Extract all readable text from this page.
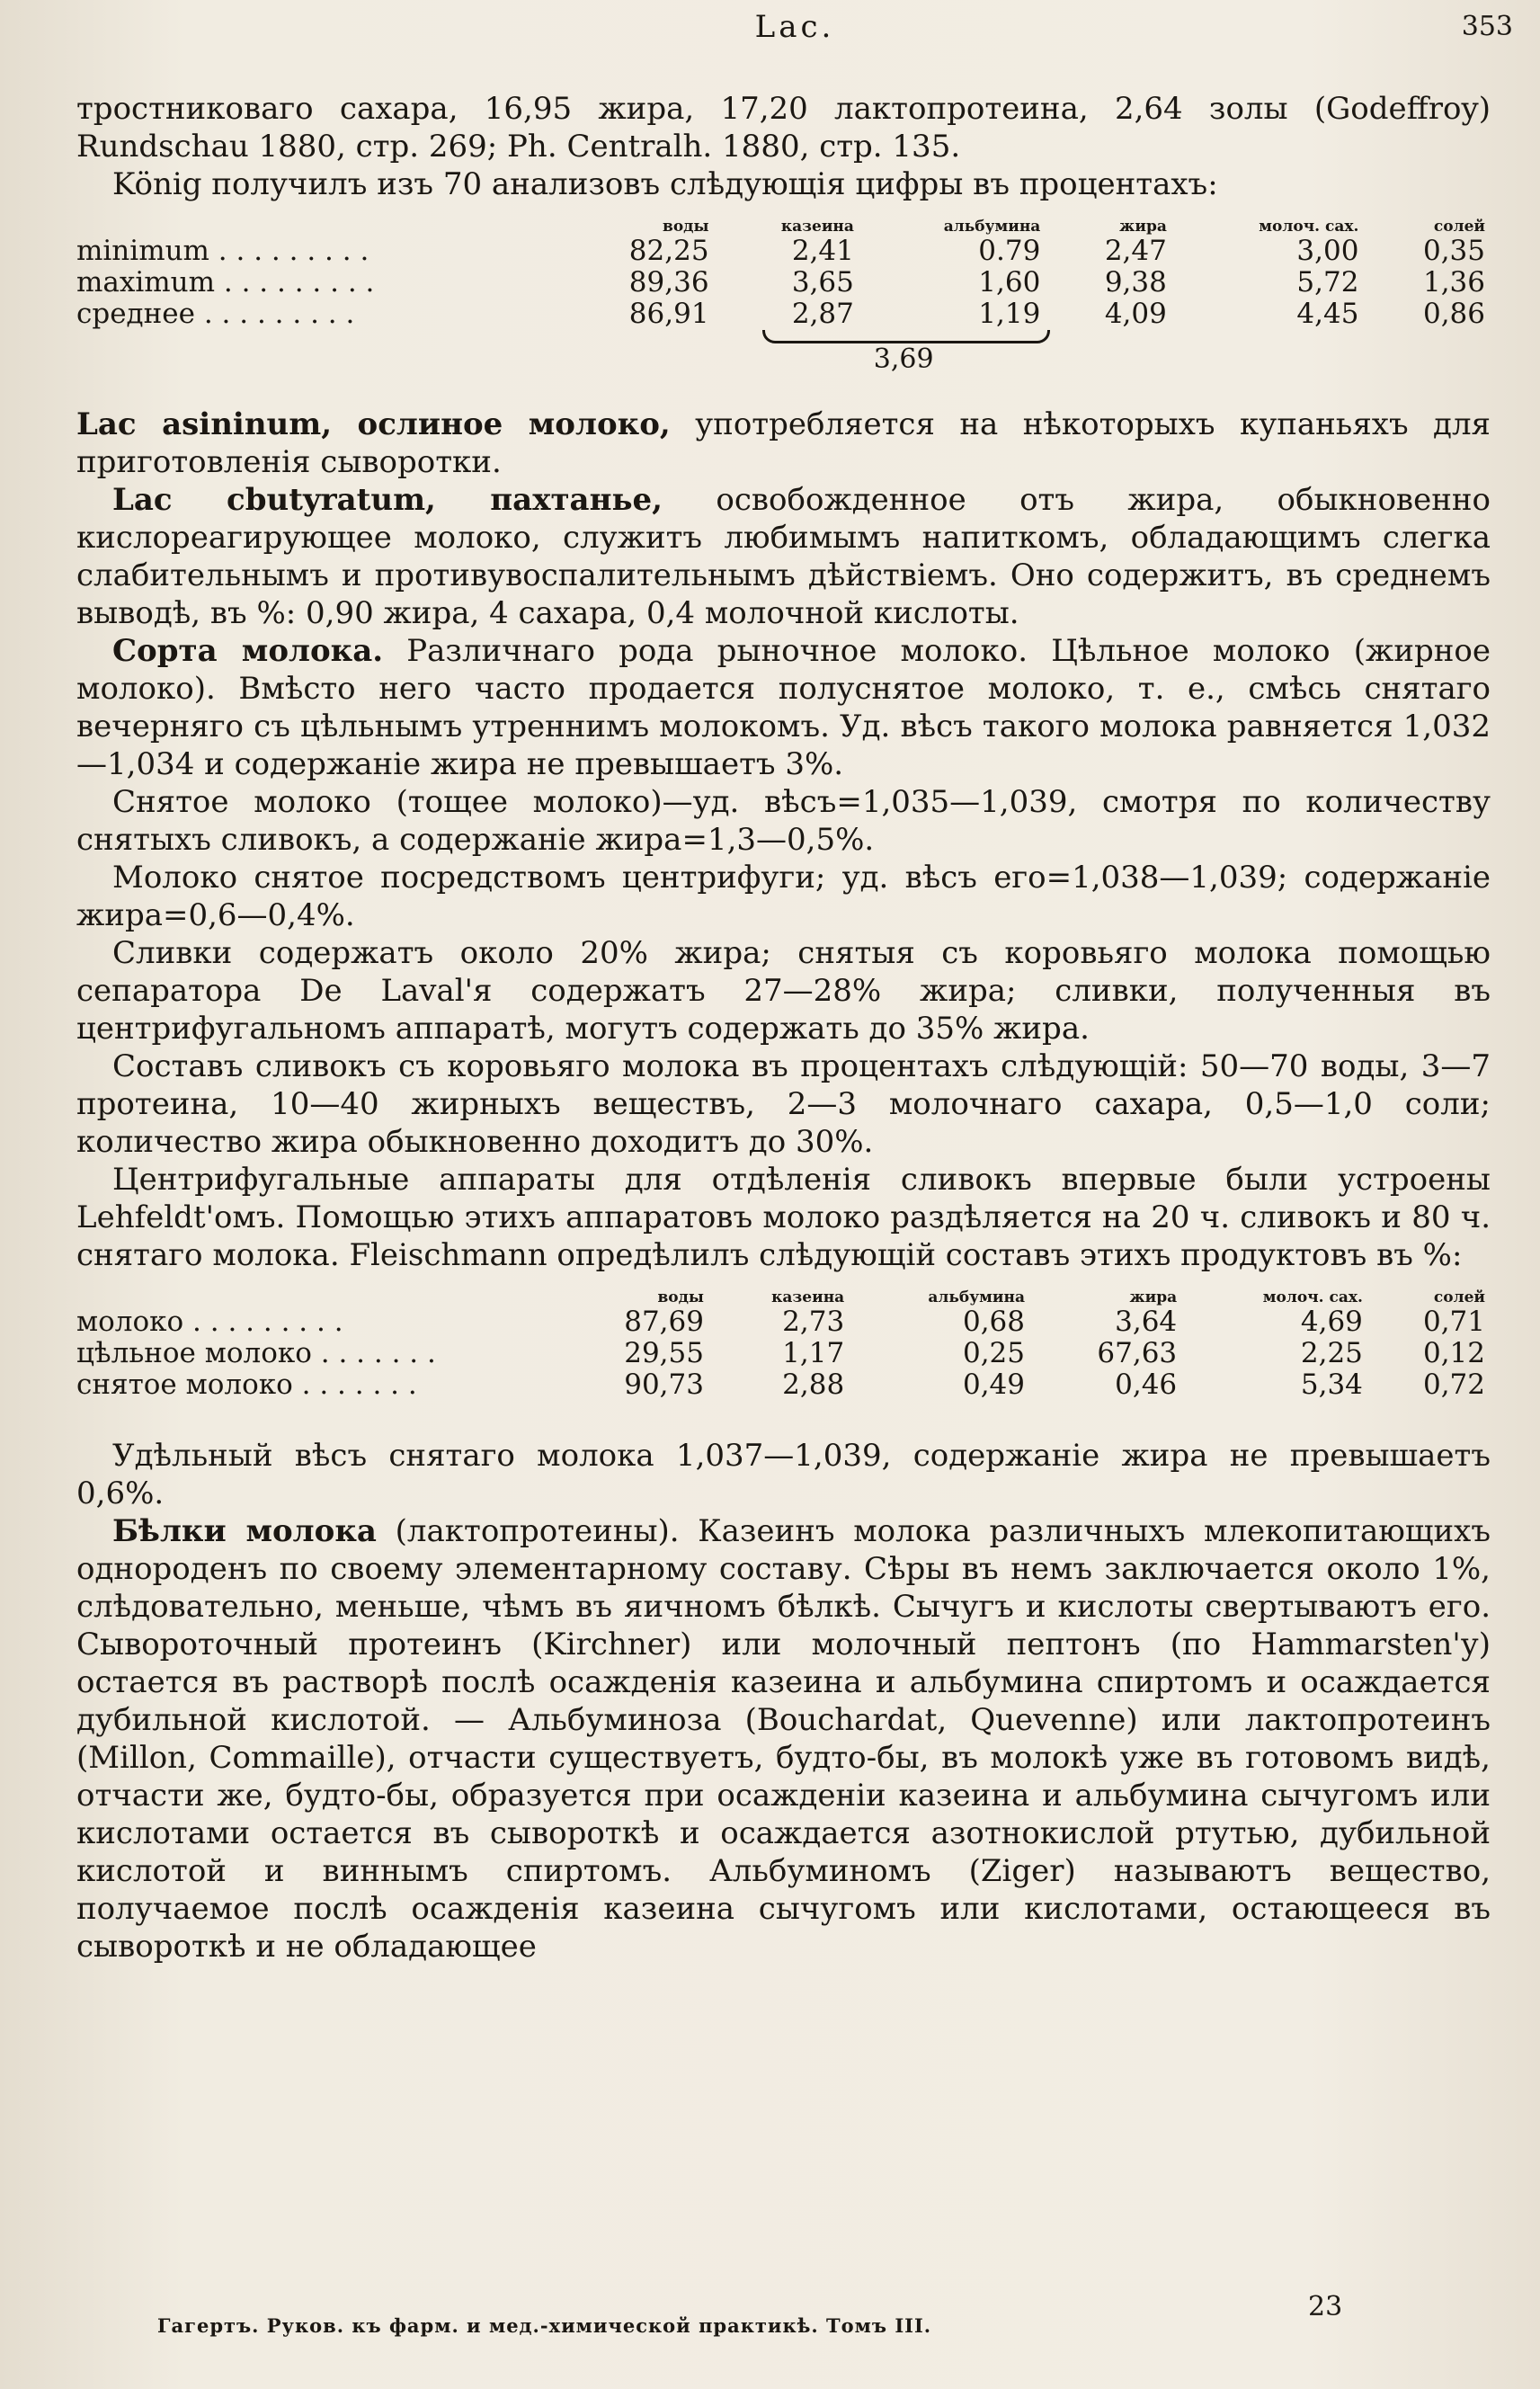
Lac.	353

тростниковаго сахара, 16,95 жира, 17,20 лактопротеина, 2,64 золы (Godeffroy) Rundschau 1880, стр. 269; Ph. Centralh. 1880, стр. 135.

König получилъ изъ 70 анализовъ слѣдующія цифры въ процентахъ:

	воды	казеина	альбумина	жира	молоч. сах.	солей
minimum . . . . . . . . .	82,25	2,41	0.79	2,47	3,00	0,35
maximum . . . . . . . . .	89,36	3,65	1,60	9,38	5,72	1,36
среднее . . . . . . . . .	86,91	2,87	1,19	4,09	4,45	0,86
3,69

Lac asininum, ослиное молоко, употребляется на нѣкоторыхъ купаньяхъ для приготовленія сыворотки.

Lac cbutyratum, пахтанье, освобожденное отъ жира, обыкновенно кислореагирующее молоко, служитъ любимымъ напиткомъ, обладающимъ слегка слабительнымъ и противувоспалительнымъ дѣйствіемъ. Оно содержитъ, въ среднемъ выводѣ, въ %: 0,90 жира, 4 сахара, 0,4 молочной кислоты.

Сорта молока. Различнаго рода рыночное молоко. Цѣльное молоко (жирное молоко). Вмѣсто него часто продается полуснятое молоко, т. е., смѣсь снятаго вечерняго съ цѣльнымъ утреннимъ молокомъ. Уд. вѣсъ такого молока равняется 1,032—1,034 и содержаніе жира не превышаетъ 3%.

Снятое молоко (тощее молоко)—уд. вѣсъ=1,035—1,039, смотря по количеству снятыхъ сливокъ, а содержаніе жира=1,3—0,5%.

Молоко снятое посредствомъ центрифуги; уд. вѣсъ его=1,038—1,039; содержаніе жира=0,6—0,4%.

Сливки содержатъ около 20% жира; снятыя съ коровьяго молока помощью сепаратора De Laval'я содержатъ 27—28% жира; сливки, полученныя въ центрифугальномъ аппаратѣ, могутъ содержать до 35% жира.

Составъ сливокъ съ коровьяго молока въ процентахъ слѣдующій: 50—70 воды, 3—7 протеина, 10—40 жирныхъ веществъ, 2—3 молочнаго сахара, 0,5—1,0 соли; количество жира обыкновенно доходитъ до 30%.

Центрифугальные аппараты для отдѣленія сливокъ впервые были устроены Lehfeldt'омъ. Помощью этихъ аппаратовъ молоко раздѣляется на 20 ч. сливокъ и 80 ч. снятаго молока. Fleischmann опредѣлилъ слѣдующій составъ этихъ продуктовъ въ %:

	воды	казеина	альбумина	жира	молоч. сах.	солей
молоко . . . . . . . . .	87,69	2,73	0,68	3,64	4,69	0,71
цѣльное молоко . . . . . . .	29,55	1,17	0,25	67,63	2,25	0,12
снятое молоко . . . . . . .	90,73	2,88	0,49	0,46	5,34	0,72

Удѣльный вѣсъ снятаго молока 1,037—1,039, содержаніе жира не превышаетъ 0,6%.

Бѣлки молока (лактопротеины). Казеинъ молока различныхъ млекопитающихъ однороденъ по своему элементарному составу. Сѣры въ немъ заключается около 1%, слѣдовательно, меньше, чѣмъ въ яичномъ бѣлкѣ. Сычугъ и кислоты свертываютъ его. Сывороточный протеинъ (Kirchner) или молочный пептонъ (по Hammarsten'у) остается въ растворѣ послѣ осажденія казеина и альбумина спиртомъ и осаждается дубильной кислотой. — Альбуминоза (Bouchardat, Quevenne) или лактопротеинъ (Millon, Commaille), отчасти существуетъ, будто-бы, въ молокѣ уже въ готовомъ видѣ, отчасти же, будто-бы, образуется при осажденіи казеина и альбумина сычугомъ или кислотами остается въ сывороткѣ и осаждается азотнокислой ртутью, дубильной кислотой и виннымъ спиртомъ. Альбуминомъ (Ziger) называютъ вещество, получаемое послѣ осажденія казеина сычугомъ или кислотами, остающееся въ сывороткѣ и не обладающее

23
Гагертъ. Руков. къ фарм. и мед.-химической практикѣ. Томъ III.
